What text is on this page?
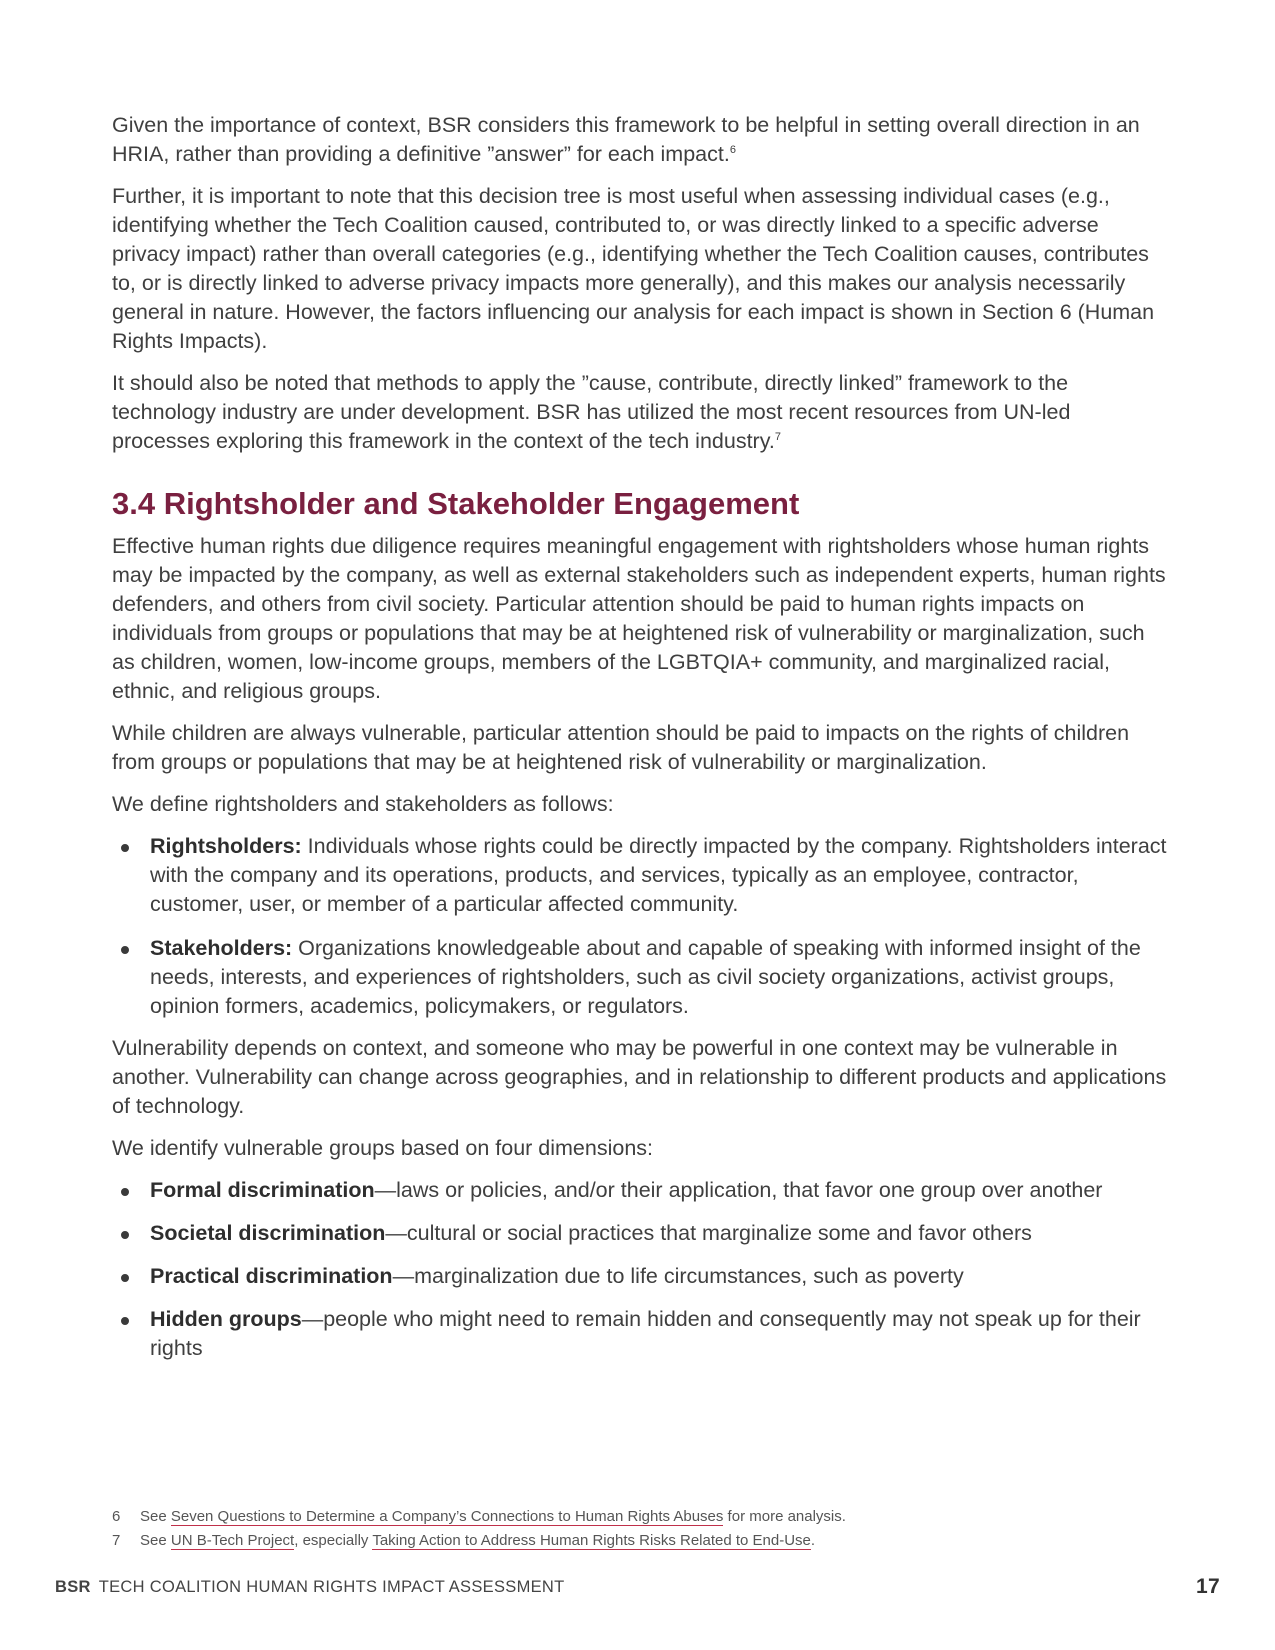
Given the importance of context, BSR considers this framework to be helpful in setting overall direction in an HRIA, rather than providing a definitive ”answer” for each impact.$^6$

Further, it is important to note that this decision tree is most useful when assessing individual cases (e.g., identifying whether the Tech Coalition caused, contributed to, or was directly linked to a specific adverse privacy impact) rather than overall categories (e.g., identifying whether the Tech Coalition causes, contributes to, or is directly linked to adverse privacy impacts more generally), and this makes our analysis necessarily general in nature. However, the factors influencing our analysis for each impact is shown in Section 6 (Human Rights Impacts).

It should also be noted that methods to apply the ”cause, contribute, directly linked” framework to the technology industry are under development. BSR has utilized the most recent resources from UN-led processes exploring this framework in the context of the tech industry.$^7$

3.4 Rightsholder and Stakeholder Engagement

Effective human rights due diligence requires meaningful engagement with rightsholders whose human rights may be impacted by the company, as well as external stakeholders such as independent experts, human rights defenders, and others from civil society. Particular attention should be paid to human rights impacts on individuals from groups or populations that may be at heightened risk of vulnerability or marginalization, such as children, women, low-income groups, members of the LGBTQIA+ community, and marginalized racial, ethnic, and religious groups.

While children are always vulnerable, particular attention should be paid to impacts on the rights of children from groups or populations that may be at heightened risk of vulnerability or marginalization.

We define rightsholders and stakeholders as follows:

Rightsholders: Individuals whose rights could be directly impacted by the company. Rightsholders interact with the company and its operations, products, and services, typically as an employee, contractor, customer, user, or member of a particular affected community.
Stakeholders: Organizations knowledgeable about and capable of speaking with informed insight of the needs, interests, and experiences of rightsholders, such as civil society organizations, activist groups, opinion formers, academics, policymakers, or regulators.

Vulnerability depends on context, and someone who may be powerful in one context may be vulnerable in another. Vulnerability can change across geographies, and in relationship to different products and applications of technology.

We identify vulnerable groups based on four dimensions:

Formal discrimination—laws or policies, and/or their application, that favor one group over another
Societal discrimination—cultural or social practices that marginalize some and favor others
Practical discrimination—marginalization due to life circumstances, such as poverty
Hidden groups—people who might need to remain hidden and consequently may not speak up for their rights
6 See Seven Questions to Determine a Company’s Connections to Human Rights Abuses for more analysis.
7 See UN B-Tech Project, especially Taking Action to Address Human Rights Risks Related to End-Use.
BSR TECH COALITION HUMAN RIGHTS IMPACT ASSESSMENT	17
